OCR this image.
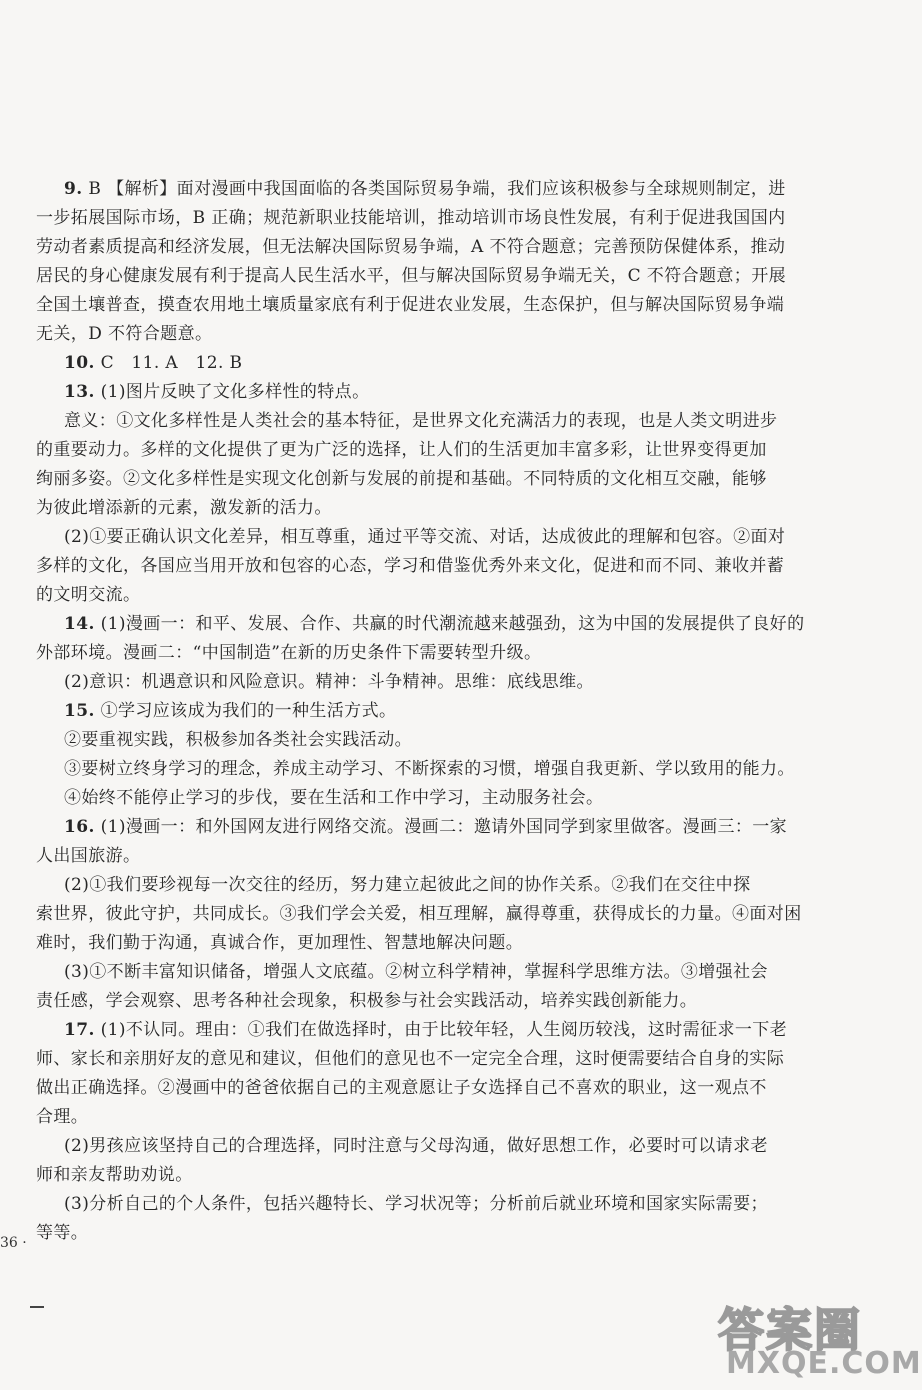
9. B 【解析】面对漫画中我国面临的各类国际贸易争端，我们应该积极参与全球规则制定，进
一步拓展国际市场，B 正确；规范新职业技能培训，推动培训市场良性发展，有利于促进我国国内
劳动者素质提高和经济发展，但无法解决国际贸易争端，A 不符合题意；完善预防保健体系，推动
居民的身心健康发展有利于提高人民生活水平，但与解决国际贸易争端无关，C 不符合题意；开展
全国土壤普查，摸查农用地土壤质量家底有利于促进农业发展，生态保护，但与解决国际贸易争端
无关，D 不符合题意。
10. C　11. A　12. B
13. (1)图片反映了文化多样性的特点。
意义：①文化多样性是人类社会的基本特征，是世界文化充满活力的表现，也是人类文明进步
的重要动力。多样的文化提供了更为广泛的选择，让人们的生活更加丰富多彩，让世界变得更加
绚丽多姿。②文化多样性是实现文化创新与发展的前提和基础。不同特质的文化相互交融，能够
为彼此增添新的元素，激发新的活力。
(2)①要正确认识文化差异，相互尊重，通过平等交流、对话，达成彼此的理解和包容。②面对
多样的文化，各国应当用开放和包容的心态，学习和借鉴优秀外来文化，促进和而不同、兼收并蓄
的文明交流。
14. (1)漫画一：和平、发展、合作、共赢的时代潮流越来越强劲，这为中国的发展提供了良好的
外部环境。漫画二：“中国制造”在新的历史条件下需要转型升级。
(2)意识：机遇意识和风险意识。精神：斗争精神。思维：底线思维。
15. ①学习应该成为我们的一种生活方式。
②要重视实践，积极参加各类社会实践活动。
③要树立终身学习的理念，养成主动学习、不断探索的习惯，增强自我更新、学以致用的能力。
④始终不能停止学习的步伐，要在生活和工作中学习，主动服务社会。
16. (1)漫画一：和外国网友进行网络交流。漫画二：邀请外国同学到家里做客。漫画三：一家
人出国旅游。
(2)①我们要珍视每一次交往的经历，努力建立起彼此之间的协作关系。②我们在交往中探
索世界，彼此守护，共同成长。③我们学会关爱，相互理解，赢得尊重，获得成长的力量。④面对困
难时，我们勤于沟通，真诚合作，更加理性、智慧地解决问题。
(3)①不断丰富知识储备，增强人文底蕴。②树立科学精神，掌握科学思维方法。③增强社会
责任感，学会观察、思考各种社会现象，积极参与社会实践活动，培养实践创新能力。
17. (1)不认同。理由：①我们在做选择时，由于比较年轻，人生阅历较浅，这时需征求一下老
师、家长和亲朋好友的意见和建议，但他们的意见也不一定完全合理，这时便需要结合自身的实际
做出正确选择。②漫画中的爸爸依据自己的主观意愿让子女选择自己不喜欢的职业，这一观点不
合理。
(2)男孩应该坚持自己的合理选择，同时注意与父母沟通，做好思想工作，必要时可以请求老
师和亲友帮助劝说。
(3)分析自己的个人条件，包括兴趣特长、学习状况等；分析前后就业环境和国家实际需要；
等等。
36 ·
答案圈
MXQE.COM
